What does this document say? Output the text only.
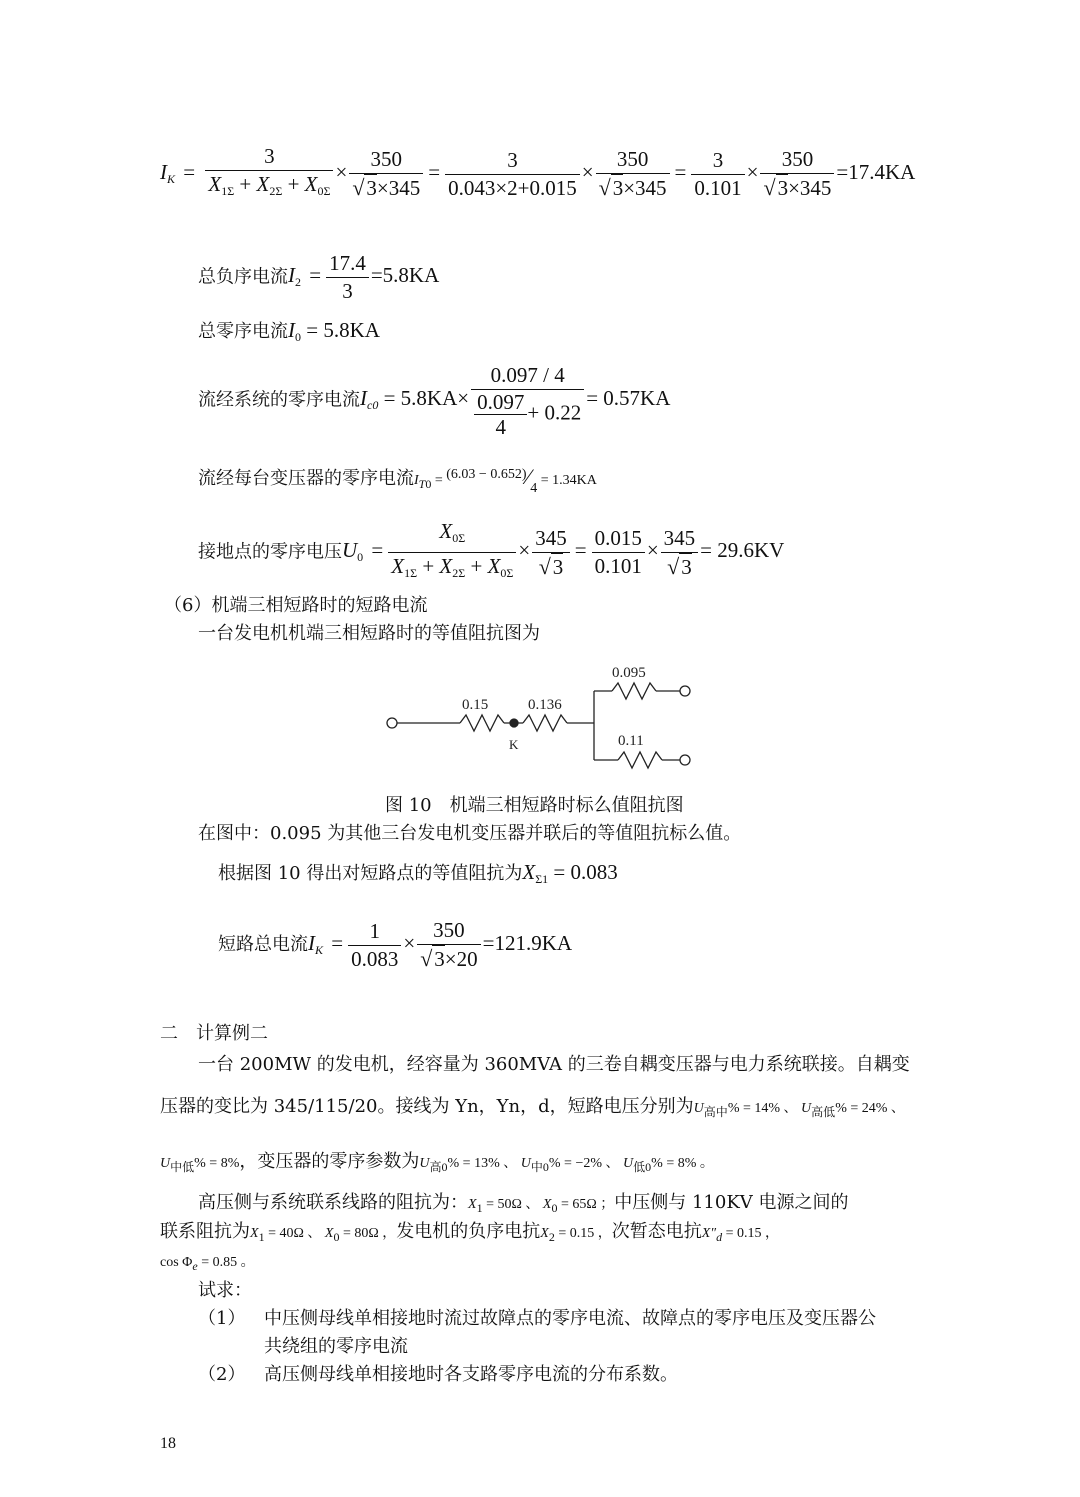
$I_K = \frac{3}{X_{1\Sigma} + X_{2\Sigma} + X_{0\Sigma}} \times \frac{350}{√3\times 345} = \frac{3}{0.043\times 2+0.015} \times \frac{350}{√3\times 345} = \frac{3}{0.101} \times \frac{350}{√3\times 345} =17.4KA$
总负序电流$I_2 = \frac{17.4}{3} =5.8KA$
总零序电流$I_0 = 5.8KA$
流经系统的零序电流$I_{c0} = 5.8KA\times \frac{0.097 / 4}{\frac{0.097}{4} + 0.22} = 0.57KA$
流经每台变压器的零序电流$I_{T0} = (6.03$ − 0.652)⁄4 = 1.34KA
接地点的零序电压$U_0 = \frac{X_{0\Sigma}}{X_{1\Sigma} + X_{2\Sigma} + X_{0\Sigma}} \times \frac{345}{√3} = \frac{0.015}{0.101} \times \frac{345}{√3} = 29.6KV$
（6）机端三相短路时的短路电流
一台发电机机端三相短路时的等值阻抗图为
0.15	0.136
0.095
0.11
K
图 10　机端三相短路时标么值阻抗图
在图中：0.095 为其他三台发电机变压器并联后的等值阻抗标么值。
根据图 10 得出对短路点的等值阻抗为$X_{\Sigma 1} = 0.083$
短路总电流$I_K = \frac{1}{0.083} \times \frac{350}{√3\times 20} =121.9KA$
二　计算例二
一台 200MW 的发电机，经容量为 360MVA 的三卷自耦变压器与电力系统联接。自耦变
压器的变比为 345/115/20。接线为 Yn，Yn，d，短路电压分别为$U_{高中}\% = 14\%$ 、 $U_{高低}\% = 24\%$ 、
$U_{中低}\% = 8\%$，变压器的零序参数为$U_{高0}\% = 13\%$ 、 $U_{中0}\% = -2\%$ 、 $U_{低0}\% = 8\%$ 。
高压侧与系统联系线路的阻抗为：$X_1 = 50\Omega$ 、 $X_0 = 65\Omega$ ；中压侧与 110KV 电源之间的
联系阻抗为$X_1 = 40\Omega$ 、 $X_0 = 80\Omega$ ，发电机的负序电抗$X_2 = 0.15$ ，次暂态电抗$X''_d = 0.15$ ，
$\cos \Phi_e = 0.85$ 。
试求：
（1） 中压侧母线单相接地时流过故障点的零序电流、故障点的零序电压及变压器公
共绕组的零序电流
（2） 高压侧母线单相接地时各支路零序电流的分布系数。
18
